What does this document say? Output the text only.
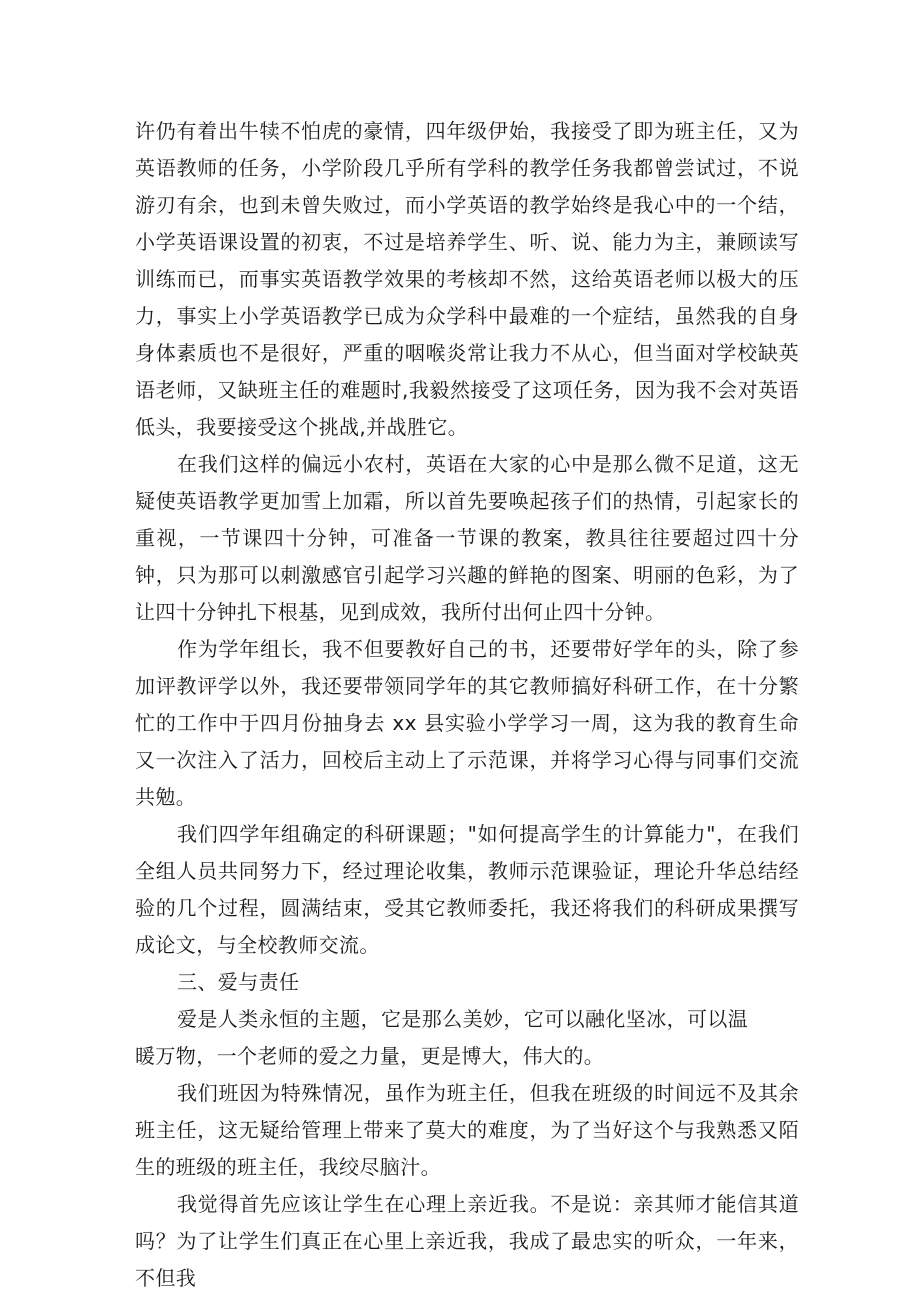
许仍有着出牛犊不怕虎的豪情，四年级伊始，我接受了即为班主任，又为英语教师的任务，小学阶段几乎所有学科的教学任务我都曾尝试过，不说游刃有余，也到未曾失败过，而小学英语的教学始终是我心中的一个结，小学英语课设置的初衷，不过是培养学生、听、说、能力为主，兼顾读写训练而已，而事实英语教学效果的考核却不然，这给英语老师以极大的压力，事实上小学英语教学已成为众学科中最难的一个症结，虽然我的自身身体素质也不是很好，严重的咽喉炎常让我力不从心，但当面对学校缺英语老师，又缺班主任的难题时,我毅然接受了这项任务，因为我不会对英语低头，我要接受这个挑战,并战胜它。

在我们这样的偏远小农村，英语在大家的心中是那么微不足道，这无疑使英语教学更加雪上加霜，所以首先要唤起孩子们的热情，引起家长的重视，一节课四十分钟，可准备一节课的教案，教具往往要超过四十分钟，只为那可以刺激感官引起学习兴趣的鲜艳的图案、明丽的色彩，为了让四十分钟扎下根基，见到成效，我所付出何止四十分钟。

作为学年组长，我不但要教好自己的书，还要带好学年的头，除了参加评教评学以外，我还要带领同学年的其它教师搞好科研工作，在十分繁忙的工作中于四月份抽身去 xx 县实验小学学习一周，这为我的教育生命又一次注入了活力，回校后主动上了示范课，并将学习心得与同事们交流共勉。

我们四学年组确定的科研课题；"如何提高学生的计算能力"，在我们全组人员共同努力下，经过理论收集，教师示范课验证，理论升华总结经验的几个过程，圆满结束，受其它教师委托，我还将我们的科研成果撰写成论文，与全校教师交流。

三、爱与责任

爱是人类永恒的主题，它是那么美妙，它可以融化坚冰，可以温

暖万物，一个老师的爱之力量，更是博大，伟大的。

我们班因为特殊情况，虽作为班主任，但我在班级的时间远不及其余班主任，这无疑给管理上带来了莫大的难度，为了当好这个与我熟悉又陌生的班级的班主任，我绞尽脑汁。

我觉得首先应该让学生在心理上亲近我。不是说：亲其师才能信其道吗？为了让学生们真正在心里上亲近我，我成了最忠实的听众，一年来，不但我
